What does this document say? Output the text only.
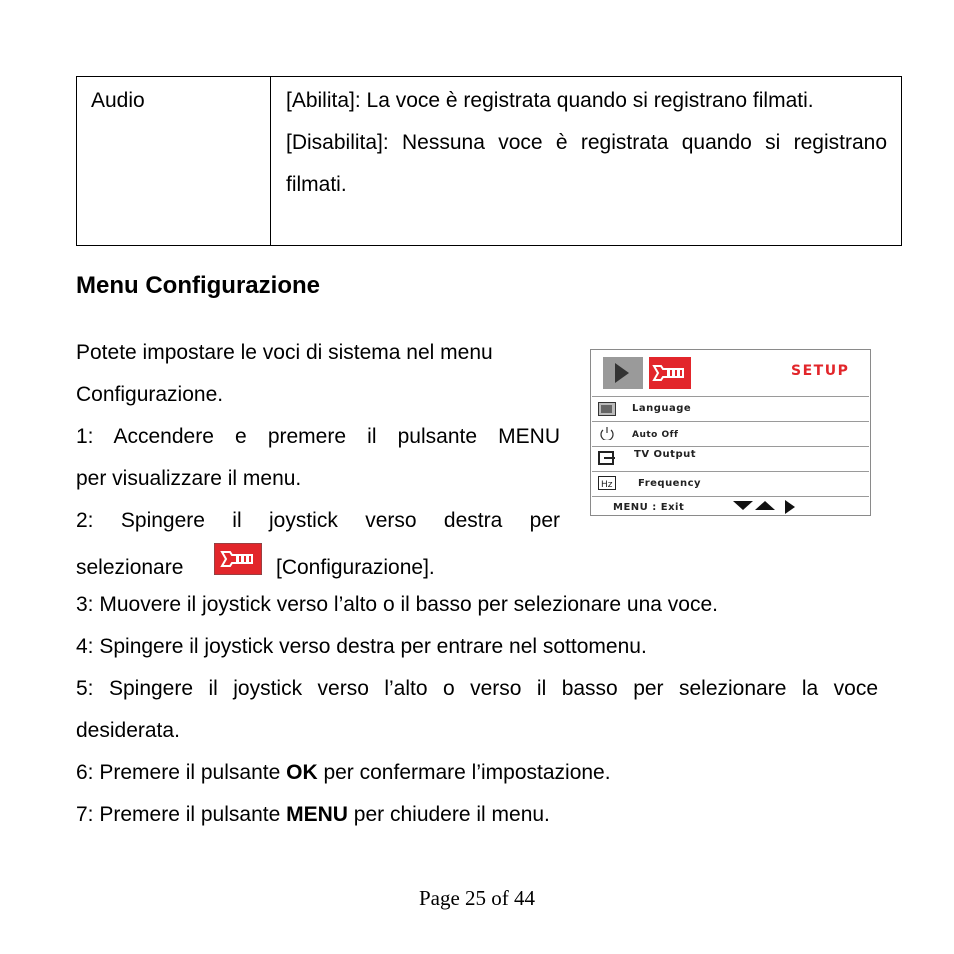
Audio	[Abilita]: La voce è registrata quando si registrano filmati.

[Disabilita]: Nessuna voce è registrata quando si registrano filmati.

Menu Configurazione
Potete impostare le voci di sistema nel menu
Configurazione.
1: Accendere e premere il pulsante MENU
per visualizzare il menu.
2: Spingere il joystick verso destra per
selezionare	[Configurazione].
3: Muovere il joystick verso l’alto o il basso per selezionare una voce.
4: Spingere il joystick verso destra per entrare nel sottomenu.
5: Spingere il joystick verso l’alto o verso il basso per selezionare la voce
desiderata.
6: Premere il pulsante OK per confermare l’impostazione.
7: Premere il pulsante MENU per chiudere il menu.
SETUP
Language
Auto Off
TV Output
Hz	Frequency
MENU : Exit
Page 25 of 44
